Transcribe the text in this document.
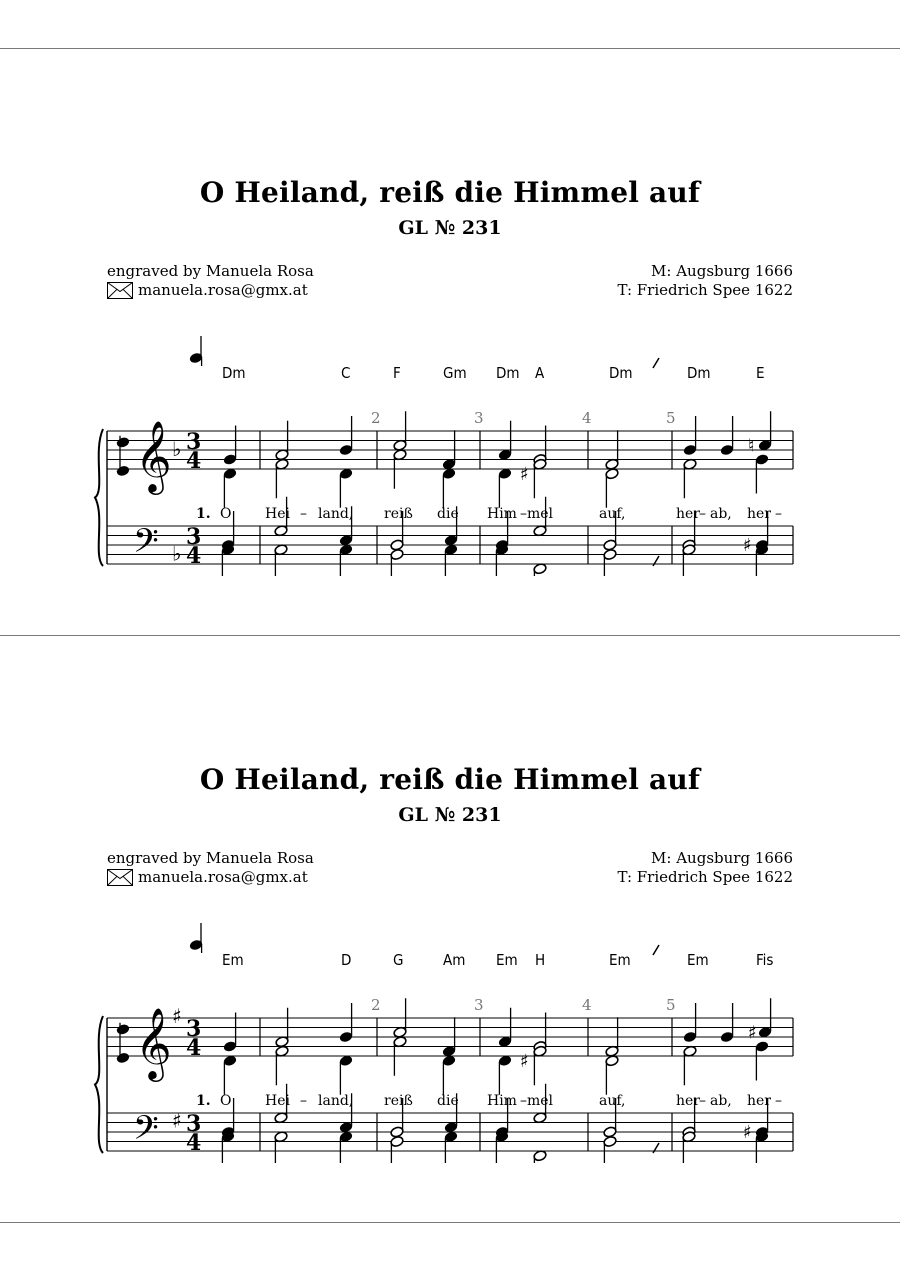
O Heiland, reiß die Himmel auf
GL № 231
engraved by Manuela Rosa
manuela.rosa@gmx.at
M: Augsburg 1666
T: Friedrich Spee 1622
𝄞
𝄢
♭
♭
3
4
3
4
2	3	4	5
Dm	C	F	Gm Dm A	Dm	Dm	E
1. O Hei – land, reiß die Him – mel	auf,	her – ab, her –
♯
♯
♮
O Heiland, reiß die Himmel auf
GL № 231
engraved by Manuela Rosa
manuela.rosa@gmx.at
M: Augsburg 1666
T: Friedrich Spee 1622
𝄞
𝄢
♯
♯
3
4
3
4
2	3	4	5
Em	D	G	Am Em H	Em	Em	Fis
1. O Hei – land, reiß die Him – mel	auf,	her – ab, her –
♯
♯
♯
